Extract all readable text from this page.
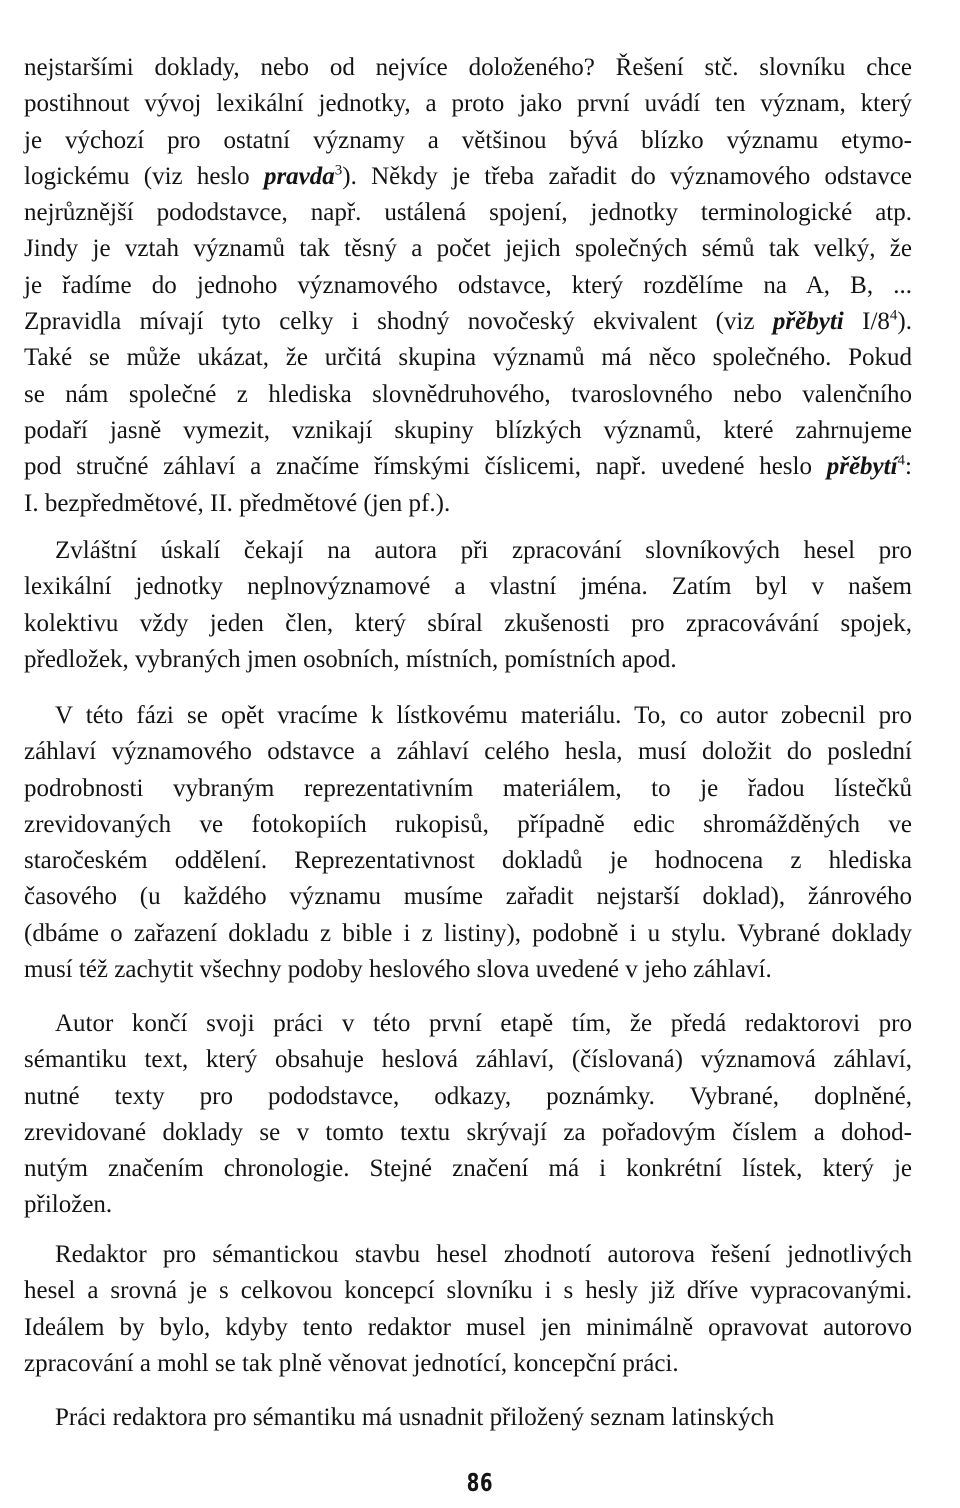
nejstaršími doklady, nebo od nejvíce doloženého? Řešení stč. slovníku chce
postihnout vývoj lexikální jednotky, a proto jako první uvádí ten význam, který
je výchozí pro ostatní významy a většinou bývá blízko významu etymo-
logickému (viz heslo pravda$^3$). Někdy je třeba zařadit do významového odstavce
nejrůznější pododstavce, např. ustálená spojení, jednotky terminologické atp.
Jindy je vztah významů tak těsný a počet jejich společných sémů tak velký, že
je řadíme do jednoho významového odstavce, který rozdělíme na A, B, ...
Zpravidla mívají tyto celky i shodný novočeský ekvivalent (viz přěbyti $I/8^4$).
Také se může ukázat, že určitá skupina významů má něco společného. Pokud
se nám společné z hlediska slovnědruhového, tvaroslovného nebo valenčního
podaří jasně vymezit, vznikají skupiny blízkých významů, které zahrnujeme
pod stručné záhlaví a značíme římskými číslicemi, např. uvedené heslo přěbytí$^4$:
I. bezpředmětové, II. předmětové (jen pf.).
Zvláštní úskalí čekají na autora při zpracování slovníkových hesel pro
lexikální jednotky neplnovýznamové a vlastní jména. Zatím byl v našem
kolektivu vždy jeden člen, který sbíral zkušenosti pro zpracovávání spojek,
předložek, vybraných jmen osobních, místních, pomístních apod.
V této fázi se opět vracíme k lístkovému materiálu. To, co autor zobecnil pro
záhlaví významového odstavce a záhlaví celého hesla, musí doložit do poslední
podrobnosti vybraným reprezentativním materiálem, to je řadou lístečků
zrevidovaných ve fotokopiích rukopisů, případně edic shromážděných ve
staročeském oddělení. Reprezentativnost dokladů je hodnocena z hlediska
časového (u každého významu musíme zařadit nejstarší doklad), žánrového
(dbáme o zařazení dokladu z bible i z listiny), podobně i u stylu. Vybrané doklady
musí též zachytit všechny podoby heslového slova uvedené v jeho záhlaví.
Autor končí svoji práci v této první etapě tím, že předá redaktorovi pro
sémantiku text, který obsahuje heslová záhlaví, (číslovaná) významová záhlaví,
nutné texty pro pododstavce, odkazy, poznámky. Vybrané, doplněné,
zrevidované doklady se v tomto textu skrývají za pořadovým číslem a dohod-
nutým značením chronologie. Stejné značení má i konkrétní lístek, který je
přiložen.
Redaktor pro sémantickou stavbu hesel zhodnotí autorova řešení jednotlivých
hesel a srovná je s celkovou koncepcí slovníku i s hesly již dříve vypracovanými.
Ideálem by bylo, kdyby tento redaktor musel jen minimálně opravovat autorovo
zpracování a mohl se tak plně věnovat jednotící, koncepční práci.
Práci redaktora pro sémantiku má usnadnit přiložený seznam latinských
86
